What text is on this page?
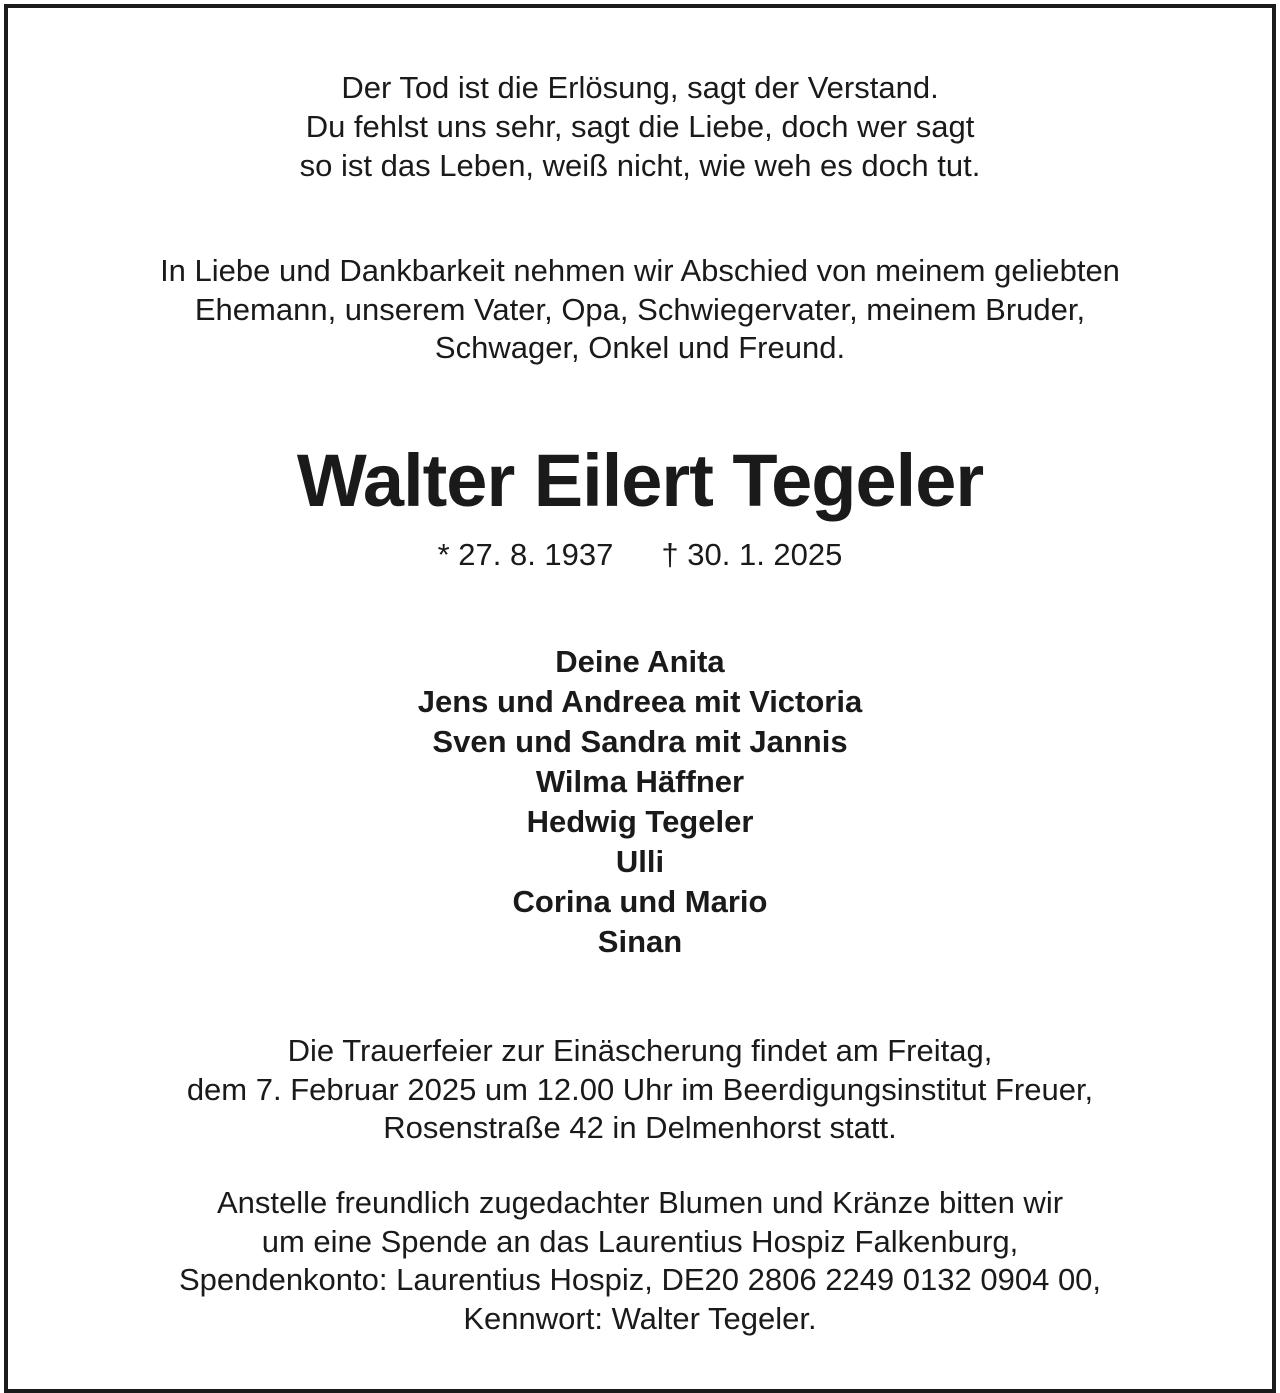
Der Tod ist die Erlösung, sagt der Verstand.
Du fehlst uns sehr, sagt die Liebe, doch wer sagt
so ist das Leben, weiß nicht, wie weh es doch tut.
In Liebe und Dankbarkeit nehmen wir Abschied von meinem geliebten
Ehemann, unserem Vater, Opa, Schwiegervater, meinem Bruder,
Schwager, Onkel und Freund.
Walter Eilert Tegeler
* 27. 8. 1937 † 30. 1. 2025
Deine Anita
Jens und Andreea mit Victoria
Sven und Sandra mit Jannis
Wilma Häffner
Hedwig Tegeler
Ulli
Corina und Mario
Sinan
Die Trauerfeier zur Einäscherung findet am Freitag,
dem 7. Februar 2025 um 12.00 Uhr im Beerdigungsinstitut Freuer,
Rosenstraße 42 in Delmenhorst statt.
Anstelle freundlich zugedachter Blumen und Kränze bitten wir
um eine Spende an das Laurentius Hospiz Falkenburg,
Spendenkonto: Laurentius Hospiz, DE20 2806 2249 0132 0904 00,
Kennwort: Walter Tegeler.
